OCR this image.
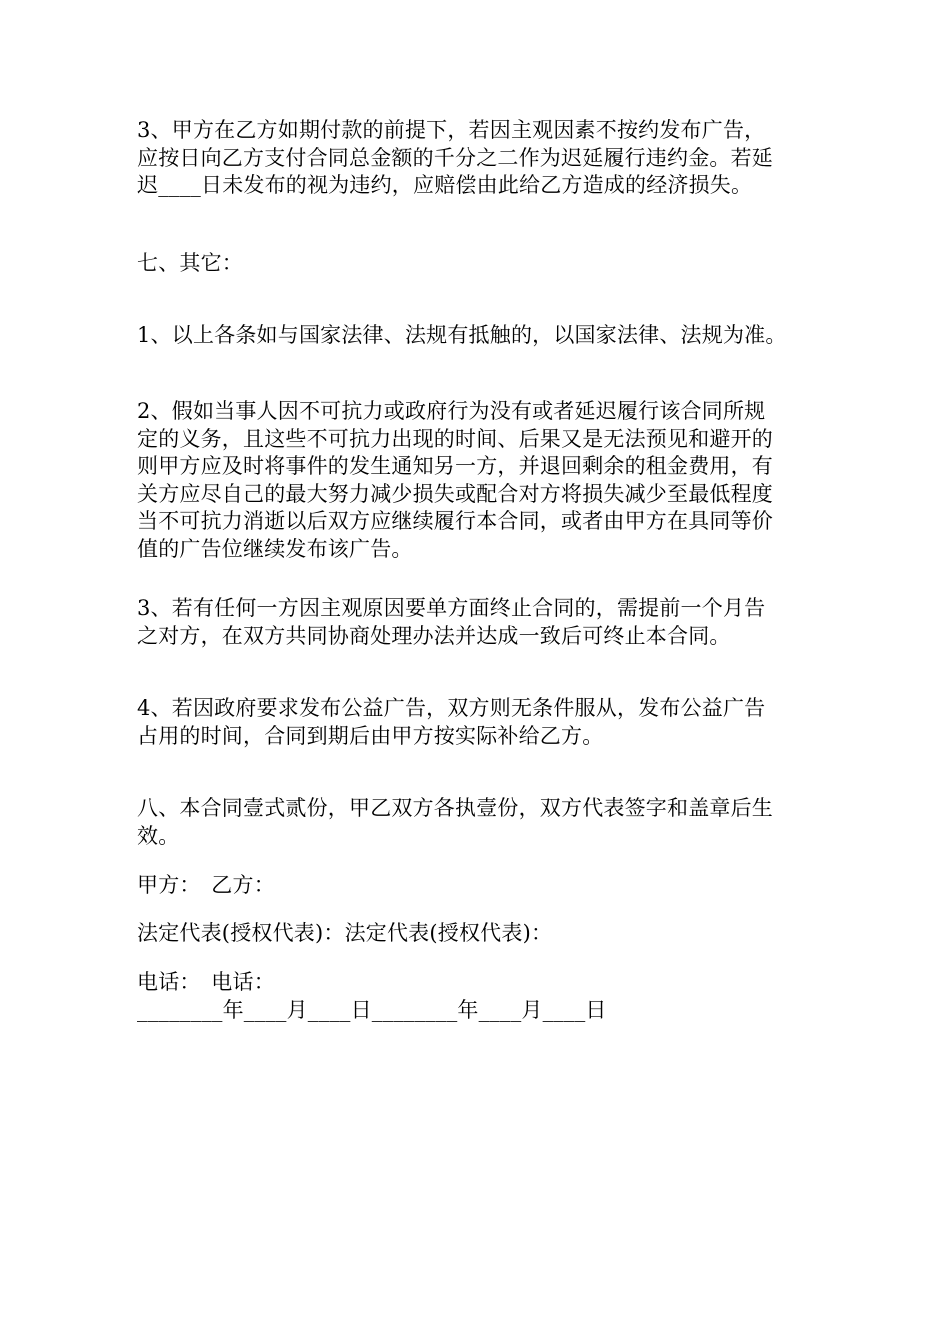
3、甲方在乙方如期付款的前提下，若因主观因素不按约发布广告，
应按日向乙方支付合同总金额的千分之二作为迟延履行违约金。若延
迟____日未发布的视为违约，应赔偿由此给乙方造成的经济损失。
七、其它：
1、以上各条如与国家法律、法规有抵触的，以国家法律、法规为准。
2、假如当事人因不可抗力或政府行为没有或者延迟履行该合同所规
定的义务，且这些不可抗力出现的时间、后果又是无法预见和避开的
则甲方应及时将事件的发生通知另一方，并退回剩余的租金费用，有
关方应尽自己的最大努力减少损失或配合对方将损失减少至最低程度
当不可抗力消逝以后双方应继续履行本合同，或者由甲方在具同等价
值的广告位继续发布该广告。
3、若有任何一方因主观原因要单方面终止合同的，需提前一个月告
之对方，在双方共同协商处理办法并达成一致后可终止本合同。
4、若因政府要求发布公益广告，双方则无条件服从，发布公益广告
占用的时间，合同到期后由甲方按实际补给乙方。
八、本合同壹式贰份，甲乙双方各执壹份，双方代表签字和盖章后生
效。
甲方：　乙方：
法定代表(授权代表)：法定代表(授权代表)：
电话：　电话：
________年____月____日________年____月____日
